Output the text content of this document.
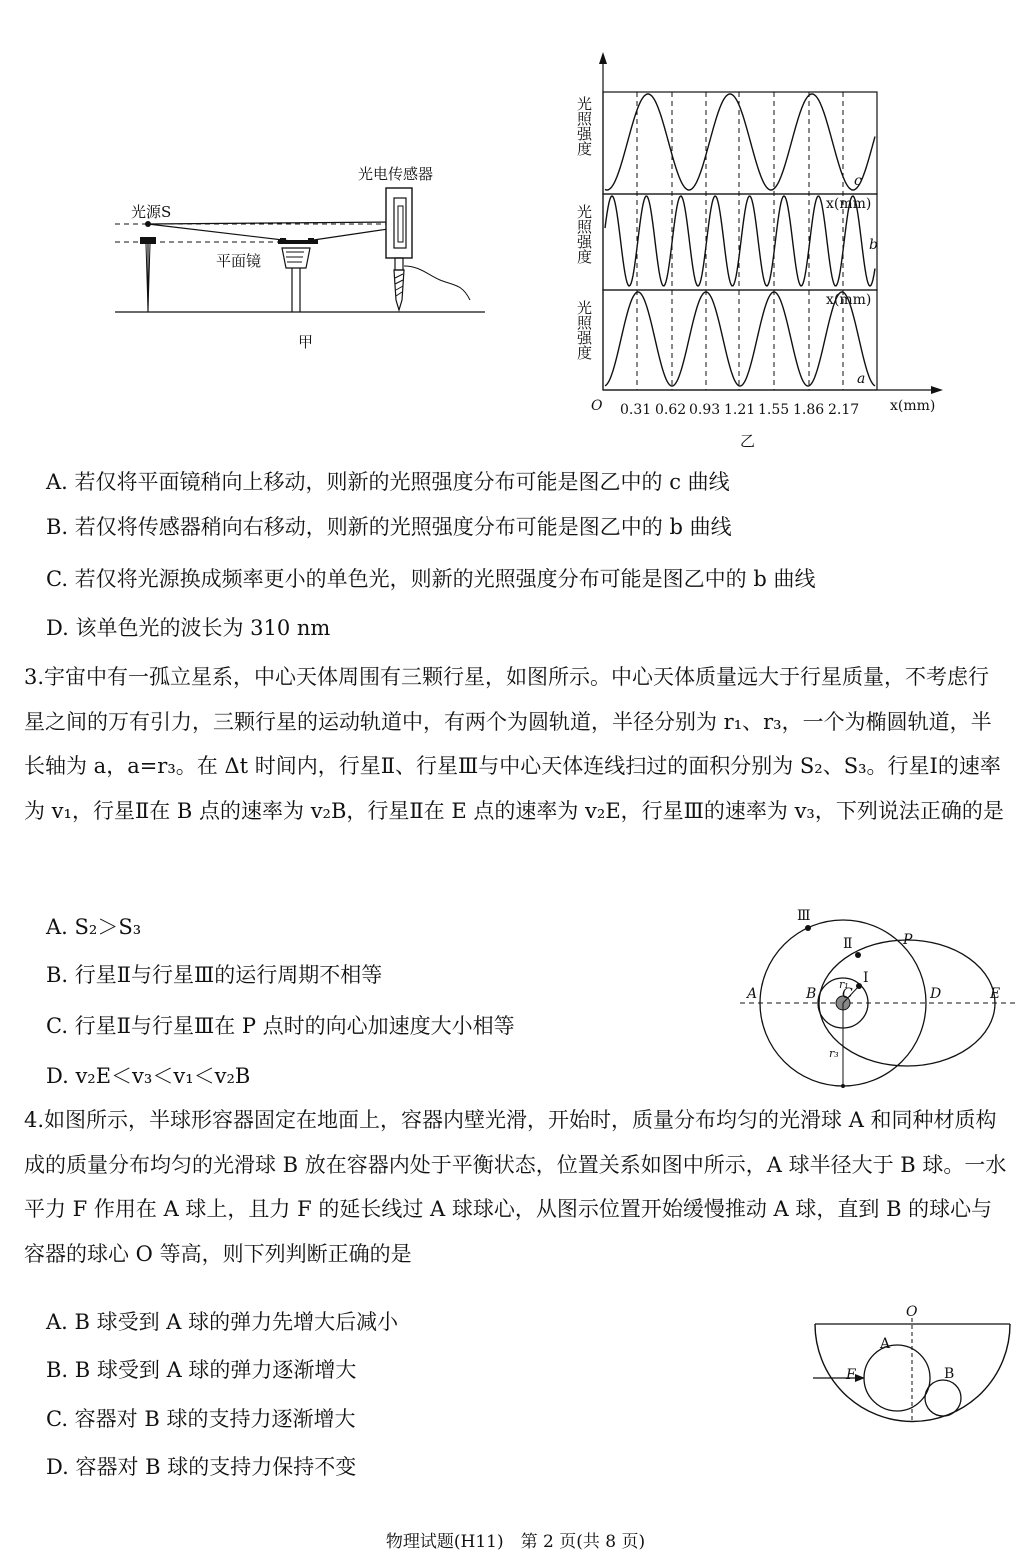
光源S
光电传感器
平面镜
甲
光照强度
光照强度
光照强度
c
x(mm)
b
x(mm)
a
O 0.31 0.62 0.93 1.21 1.55 1.86 2.17 x(mm)
乙
A. 若仅将平面镜稍向上移动，则新的光照强度分布可能是图乙中的 c 曲线
B. 若仅将传感器稍向右移动，则新的光照强度分布可能是图乙中的 b 曲线
C. 若仅将光源换成频率更小的单色光，则新的光照强度分布可能是图乙中的 b 曲线
D. 该单色光的波长为 310 nm
3.宇宙中有一孤立星系，中心天体周围有三颗行星，如图所示。中心天体质量远大于行星质量，不考虑行星之间的万有引力，三颗行星的运动轨道中，有两个为圆轨道，半径分别为 r₁、r₃，一个为椭圆轨道，半长轴为 a，a=r₃。在 Δt 时间内，行星Ⅱ、行星Ⅲ与中心天体连线扫过的面积分别为 S₂、S₃。行星Ⅰ的速率为 v₁，行星Ⅱ在 B 点的速率为 v₂B，行星Ⅱ在 E 点的速率为 v₂E，行星Ⅲ的速率为 v₃，下列说法正确的是
A. S₂＞S₃
B. 行星Ⅱ与行星Ⅲ的运行周期不相等
C. 行星Ⅱ与行星Ⅲ在 P 点时的向心加速度大小相等
D. v₂E＜v₃＜v₁＜v₂B
Ⅲ
Ⅱ	P
Ⅰ
A	B C	D	E
r₁
r₃
4.如图所示，半球形容器固定在地面上，容器内壁光滑，开始时，质量分布均匀的光滑球 A 和同种材质构成的质量分布均匀的光滑球 B 放在容器内处于平衡状态，位置关系如图中所示，A 球半径大于 B 球。一水平力 F 作用在 A 球上，且力 F 的延长线过 A 球球心，从图示位置开始缓慢推动 A 球，直到 B 的球心与容器的球心 O 等高，则下列判断正确的是
A. B 球受到 A 球的弹力先增大后减小
B. B 球受到 A 球的弹力逐渐增大
C. 容器对 B 球的支持力逐渐增大
D. 容器对 B 球的支持力保持不变
O
A
B
F
物理试题(H11)　第 2 页(共 8 页)
